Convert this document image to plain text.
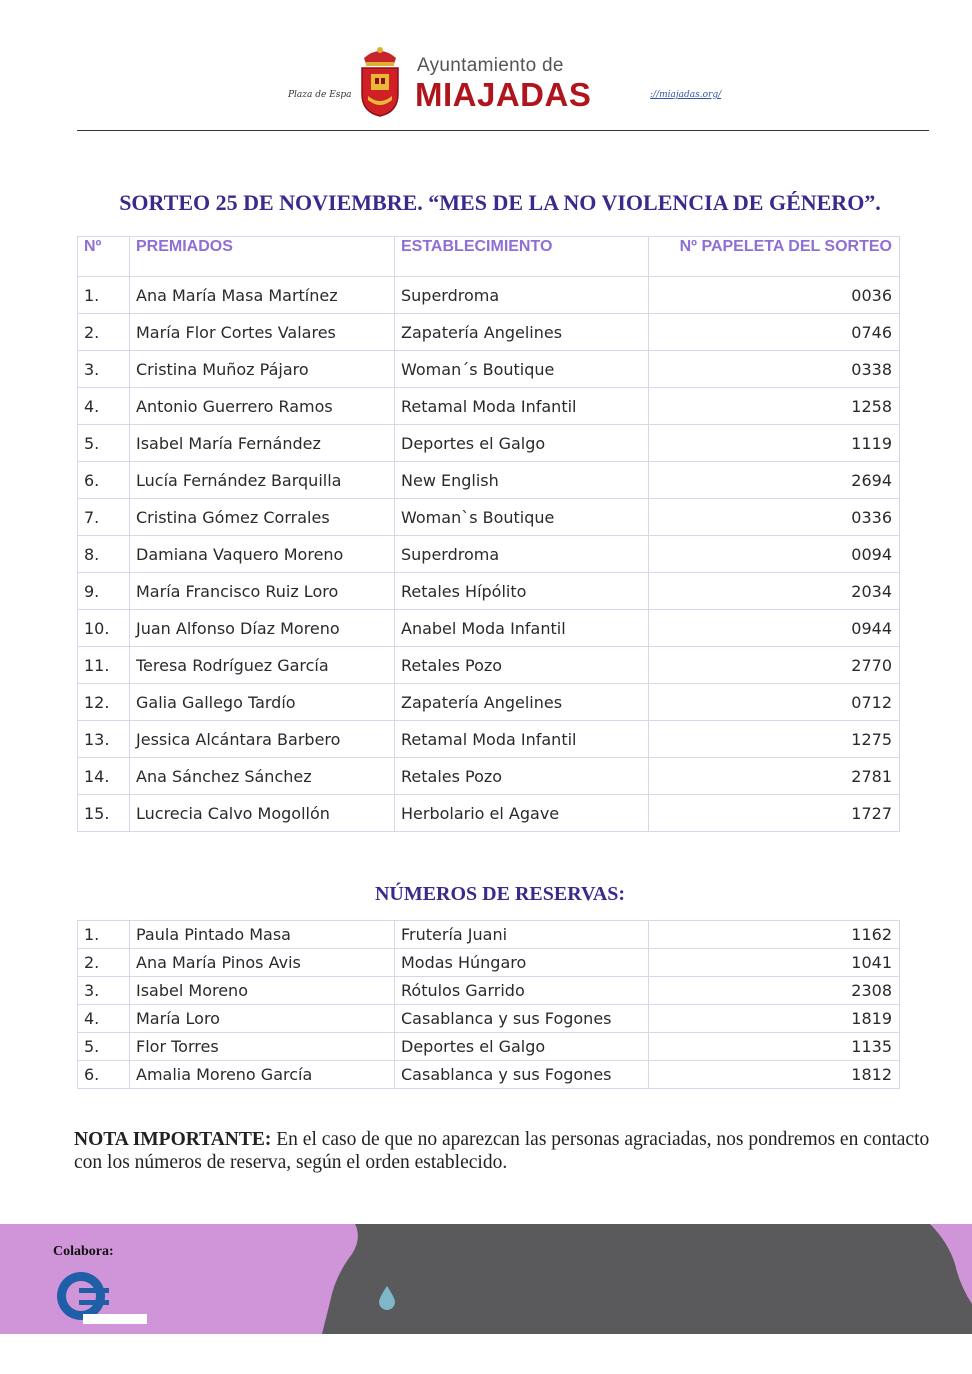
Plaza de Espa
Ayuntamiento de
MIAJADAS	://miajadas.org/
SORTEO 25 DE NOVIEMBRE. “MES DE LA NO VIOLENCIA DE GÉNERO”.
Nº	PREMIADOS	ESTABLECIMIENTO	Nº PAPELETA DEL SORTEO
1.	Ana María Masa Martínez	Superdroma	0036
2.	María Flor Cortes Valares	Zapatería Angelines	0746
3.	Cristina Muñoz Pájaro	Woman´s Boutique	0338
4.	Antonio Guerrero Ramos	Retamal Moda Infantil	1258
5.	Isabel María Fernández	Deportes el Galgo	1119
6.	Lucía Fernández Barquilla	New English	2694
7.	Cristina Gómez Corrales	Woman`s Boutique	0336
8.	Damiana Vaquero Moreno	Superdroma	0094
9.	María Francisco Ruiz Loro	Retales Hípólito	2034
10.	Juan Alfonso Díaz Moreno	Anabel Moda Infantil	0944
11.	Teresa Rodríguez García	Retales Pozo	2770
12.	Galia Gallego Tardío	Zapatería Angelines	0712
13.	Jessica Alcántara Barbero	Retamal Moda Infantil	1275
14.	Ana Sánchez Sánchez	Retales Pozo	2781
15.	Lucrecia Calvo Mogollón	Herbolario el Agave	1727
NÚMEROS DE RESERVAS:
1.	Paula Pintado Masa	Frutería Juani	1162
2.	Ana María Pinos Avis	Modas Húngaro	1041
3.	Isabel Moreno	Rótulos Garrido	2308
4.	María Loro	Casablanca y sus Fogones	1819
5.	Flor Torres	Deportes el Galgo	1135
6.	Amalia Moreno García	Casablanca y sus Fogones	1812
NOTA IMPORTANTE: En el caso de que no aparezcan las personas agraciadas, nos pondremos en contacto con los números de reserva, según el orden establecido.
Colabora:
